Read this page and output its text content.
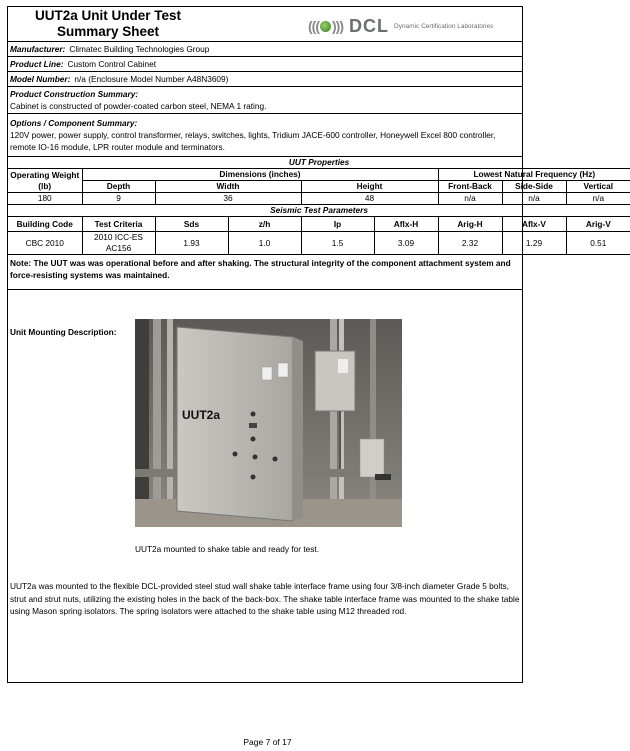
UUT2a Unit Under Test
Summary Sheet	((( ))) DCL Dynamic Certification Laboratories
Manufacturer: Climatec Building Technologies Group
Product Line: Custom Control Cabinet
Model Number: n/a (Enclosure Model Number A48N3609)
Product Construction Summary:
Cabinet is constructed of powder-coated carbon steel, NEMA 1 rating.
Options / Component Summary:
120V power, power supply, control transformer, relays, switches, lights, Tridium JACE-600 controller, Honeywell Excel 800 controller, remote IO-16 module, LPR router module and terminators.
UUT Properties								
Operating Weight (lb)	Dimensions (inches)					Lowest Natural Frequency (Hz)		
	Depth	Width		Height		Front-Back	Side-Side	Vertical
180	9	36		48		n/a	n/a	n/a
Seismic Test Parameters								
Building Code	Test Criteria	Sds	z/h	Ip	Aflx-H	Arig-H	Aflx-V	Arig-V
CBC 2010	2010 ICC-ES AC156	1.93	1.0	1.5	3.09	2.32	1.29	0.51
Note: The UUT was was operational before and after shaking. The structural integrity of the component attachment system and force-resisting systems was maintained.
Unit Mounting Description:
UUT2a
UUT2a mounted to shake table and ready for test.
UUT2a was mounted to the flexible DCL-provided steel stud wall shake table interface frame using four 3/8-inch diameter Grade 5 bolts, strut and strut nuts, utilizing the existing holes in the back of the back-box. The shake table interface frame was mounted to the shake table using Mason spring isolators. The spring isolators were attached to the shake table using M12 threaded rod.
Page 7 of 17
